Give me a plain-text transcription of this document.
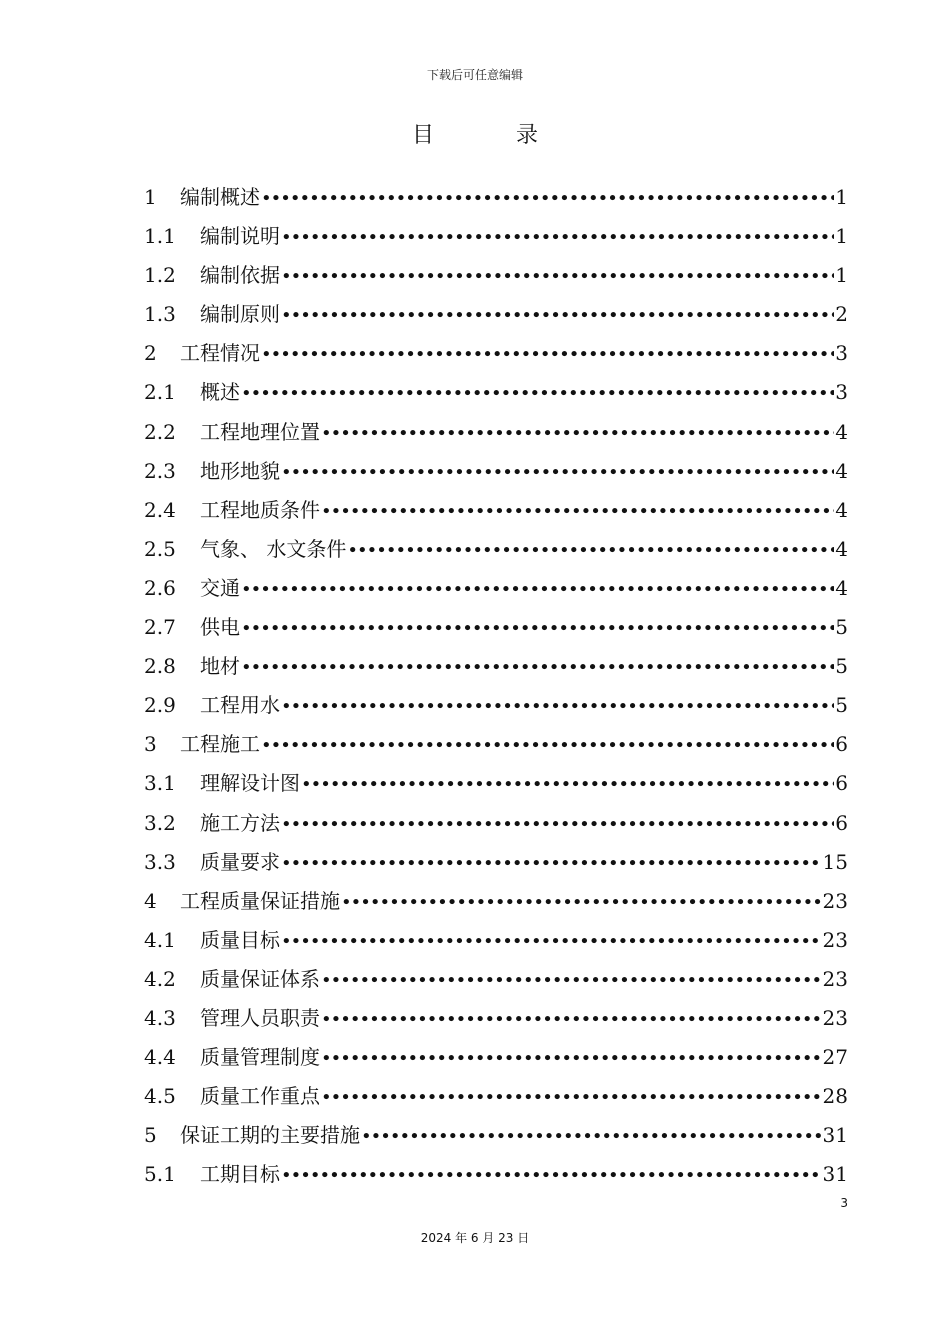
下载后可任意编辑
目	录
1	编制概述 •••••	1
1.1	编制说明 •••••	1
1.2	编制依据 •••••	1
1.3	编制原则 •••••	2
2	工程情况 •••••	3
2.1	概述 •••••	3
2.2	工程地理位置 •••••	4
2.3	地形地貌 •••••	4
2.4	工程地质条件 •••••	4
2.5	气象、 水文条件 •••••	4
2.6	交通 •••••	4
2.7	供电 •••••	5
2.8	地材 •••••	5
2.9	工程用水 •••••	5
3	工程施工 •••••	6
3.1	理解设计图 •••••	6
3.2	施工方法 •••••	6
3.3	质量要求 •••••	15
4	工程质量保证措施 •••••	23
4.1	质量目标 •••••	23
4.2	质量保证体系 •••••	23
4.3	管理人员职责 •••••	23
4.4	质量管理制度 •••••	27
4.5	质量工作重点 •••••	28
5	保证工期的主要措施 •••••	31
5.1	工期目标 •••••	31
3
2024 年 6 月 23 日
